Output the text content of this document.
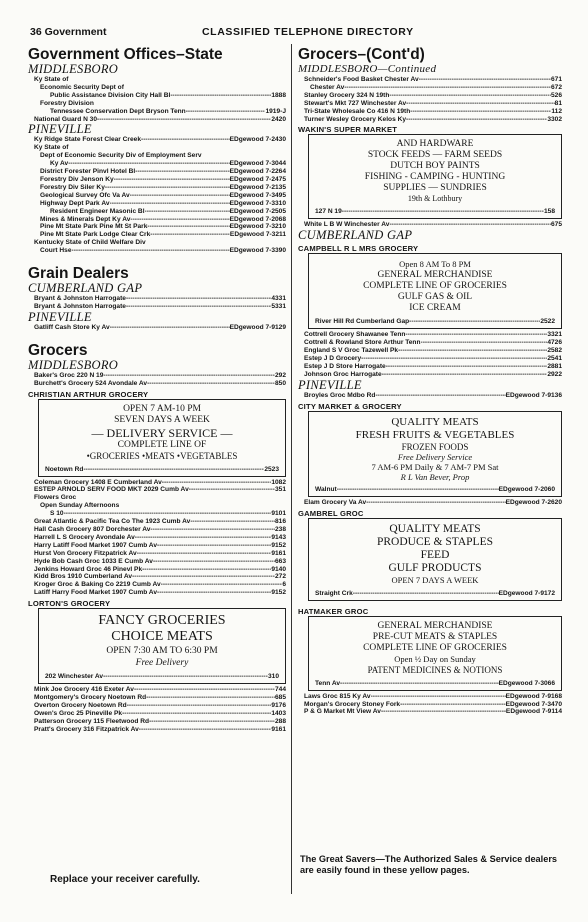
36 Government	CLASSIFIED TELEPHONE DIRECTORY
Government Offices–State
MIDDLESBORO
Ky State of
Economic Security Dept of
Public Assistance Division City Hall Bl -----	1888
Forestry Division
Tennessee Conservation Dept Bryson Tenn -----	1919-J
National Guard N 30 -----	2420
PINEVILLE
Ky Ridge State Forest Clear Creek -----	EDgewood 7-2430
Ky State of
Dept of Economic Security Div of Employment Serv
Ky Av -----	EDgewood 7-3044
District Forester Pinvl Hotel Bl -----	EDgewood 7-2264
Forestry Div Jenson Ky -----	EDgewood 7-2475
Forestry Div Siler Ky -----	EDgewood 7-2135
Geological Survey Ofc Va Av -----	EDgewood 7-3495
Highway Dept Park Av -----	EDgewood 7-3310
Resident Engineer Masonic Bl -----	EDgewood 7-2505
Mines & Minerals Dept Ky Av -----	EDgewood 7-2068
Pine Mt State Park Pine Mt St Park -----	EDgewood 7-3210
Pine Mt State Park Lodge Clear Crk -----	EDgewood 7-3211
Kentucky State of Child Welfare Div
Court Hse -----	EDgewood 7-3390
Grain Dealers
CUMBERLAND GAP
Bryant & Johnston Harrogate -----	4331
Bryant & Johnston Harrogate -----	5331
PINEVILLE
Gatliff Cash Store Ky Av -----	EDgewood 7-9129
Grocers
MIDDLESBORO
Baker's Groc 220 N 19 -----	292
Burchett's Grocery 524 Avondale Av -----	850
CHRISTIAN ARTHUR GROCERY
OPEN 7 AM-10 PM
SEVEN DAYS A WEEK
— DELIVERY SERVICE —
COMPLETE LINE OF
•GROCERIES •MEATS •VEGETABLES
Noetown Rd -----	2523
Coleman Grocery 1408 E Cumberland Av -----	1082
ESTEP ARNOLD SERV FOOD MKT 2029 Cumb Av -----	351
Flowers Groc
Open Sunday Afternoons
S 10 -----	9101
Great Atlantic & Pacific Tea Co The 1923 Cumb Av -----	816
Hall Cash Grocery 807 Dorchester Av -----	238
Harrell L S Grocery Avondale Av -----	9143
Harry Latiff Food Market 1907 Cumb Av -----	9152
Hurst Von Grocery Fitzpatrick Av -----	9161
Hyde Bob Cash Groc 1033 E Cumb Av -----	663
Jenkins Howard Groc 46 Pinevl Pk -----	9140
Kidd Bros 1910 Cumberland Av -----	272
Kroger Groc & Baking Co 2219 Cumb Av -----	6
Latiff Harry Food Market 1907 Cumb Av -----	9152
LORTON'S GROCERY
FANCY GROCERIES
CHOICE MEATS
OPEN 7:30 AM TO 6:30 PM
Free Delivery
202 Winchester Av -----	310
Mink Joe Grocery 416 Exeter Av -----	744
Montgomery's Grocery Noetown Rd -----	685
Overton Grocery Noetown Rd -----	9176
Owen's Groc 25 Pineville Pk -----	1403
Patterson Grocery 115 Fleetwood Rd -----	288
Pratt's Grocery 316 Fitzpatrick Av -----	9161
Grocers–(Cont'd)
MIDDLESBORO—Continued
Schneider's Food Basket Chester Av -----	671
Chester Av -----	672
Stanley Grocery 324 N 19th -----	526
Stewart's Mkt 727 Winchester Av -----	81
Tri-State Wholesale Co 416 N 19th -----	112
Turner Wesley Grocery Kelos Ky -----	3302
WAKIN'S SUPER MARKET
AND HARDWARE
STOCK FEEDS — FARM SEEDS
DUTCH BOY PAINTS
FISHING - CAMPING - HUNTING
SUPPLIES — SUNDRIES
19th & Lothbury
127 N 19 -----	158
White L B W Winchester Av -----	675
CUMBERLAND GAP
CAMPBELL R L MRS GROCERY
Open 8 AM To 8 PM
GENERAL MERCHANDISE
COMPLETE LINE OF GROCERIES
GULF GAS & OIL
ICE CREAM
River Hill Rd Cumberland Gap -----	2522
Cottrell Grocery Shawanee Tenn -----	3321
Cottrell & Rowland Store Arthur Tenn -----	4726
England S V Groc Tazewell Pk -----	2582
Estep J D Grocery -----	2541
Estep J D Store Harrogate -----	2881
Johnson Groc Harrogate -----	2922
PINEVILLE
Broyles Groc Mdbo Rd -----	EDgewood 7-9136
CITY MARKET & GROCERY
QUALITY MEATS
FRESH FRUITS & VEGETABLES
FROZEN FOODS
Free Delivery Service
7 AM-6 PM Daily & 7 AM-7 PM Sat
R L Van Bever, Prop
Walnut -----	EDgewood 7-2060
Elam Grocery Va Av -----	EDgewood 7-2620
GAMBREL GROC
QUALITY MEATS
PRODUCE & STAPLES
FEED
GULF PRODUCTS
OPEN 7 DAYS A WEEK
Straight Crk -----	EDgewood 7-9172
HATMAKER GROC
GENERAL MERCHANDISE
PRE-CUT MEATS & STAPLES
COMPLETE LINE OF GROCERIES
Open ½ Day on Sunday
PATENT MEDICINES & NOTIONS
Tenn Av -----	EDgewood 7-3066
Laws Groc 815 Ky Av -----	EDgewood 7-9168
Morgan's Grocery Stoney Fork -----	EDgewood 7-3470
P & G Market Mt View Av -----	EDgewood 7-9114
Replace your receiver carefully.
The Great Savers—The Authorized Sales & Service dealers are easily found in these yellow pages.
